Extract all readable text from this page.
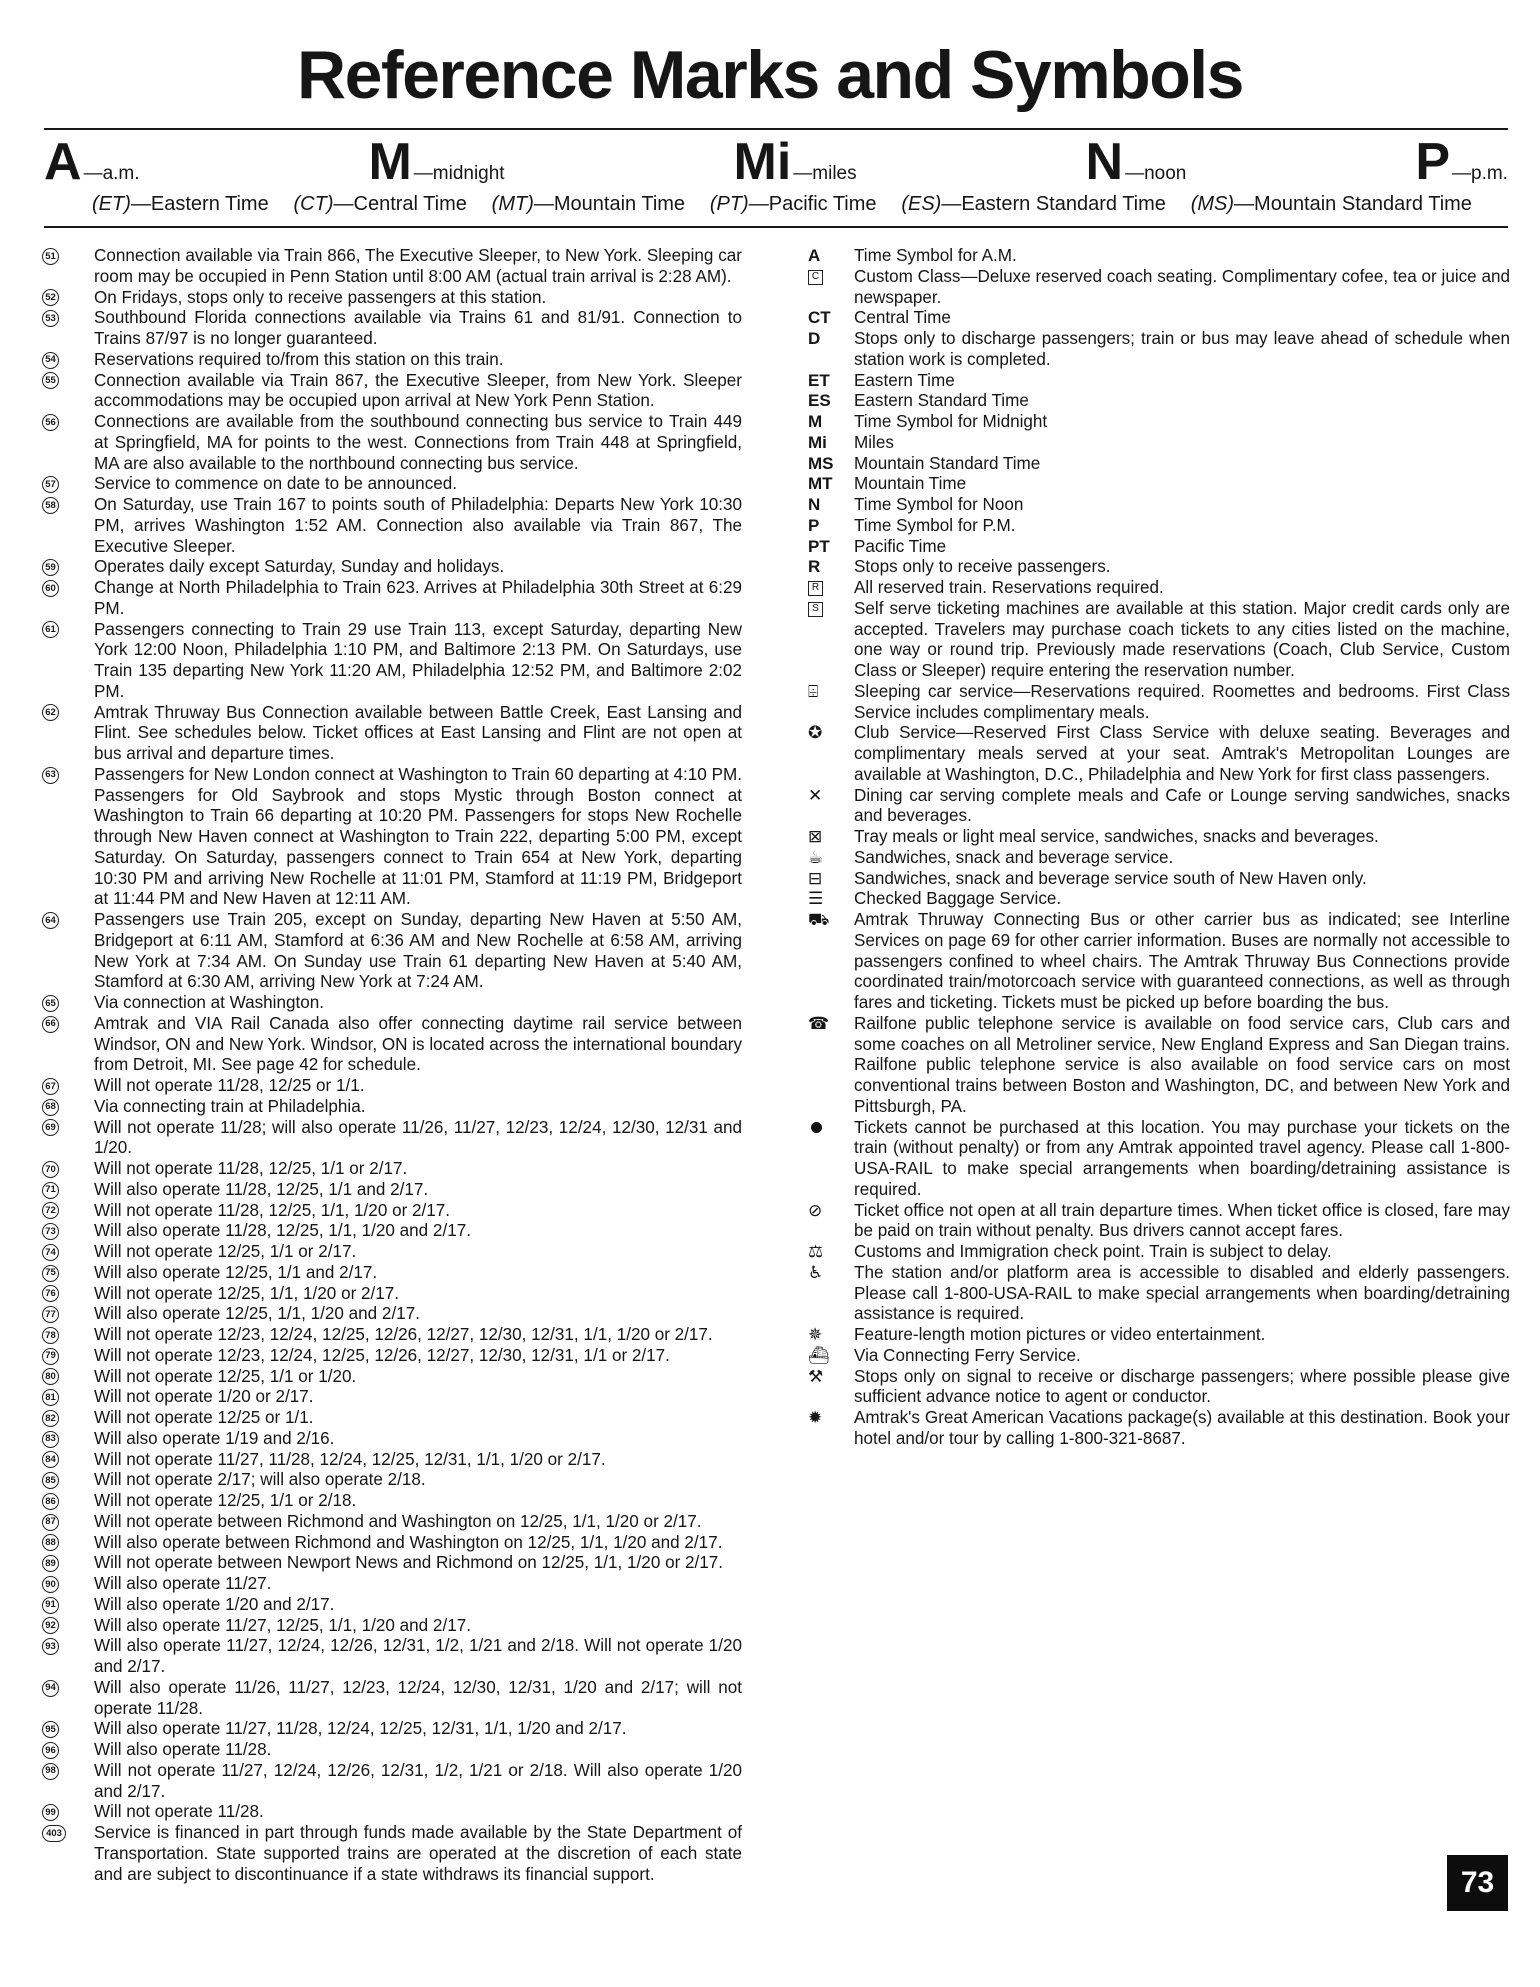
Reference Marks and Symbols
A —a.m.	M —midnight	Mi —miles	N —noon	P —p.m.
(ET)—Eastern Time (CT)—Central Time (MT)—Mountain Time (PT)—Pacific Time (ES)—Eastern Standard Time (MS)—Mountain Standard Time
51 Connection available via Train 866, The Executive Sleeper, to New York. Sleeping car room may be occupied in Penn Station until 8:00 AM (actual train arrival is 2:28 AM).
52 On Fridays, stops only to receive passengers at this station.
53 Southbound Florida connections available via Trains 61 and 81/91. Connection to Trains 87/97 is no longer guaranteed.
54 Reservations required to/from this station on this train.
55 Connection available via Train 867, the Executive Sleeper, from New York. Sleeper accommodations may be occupied upon arrival at New York Penn Station.
56 Connections are available from the southbound connecting bus service to Train 449 at Springfield, MA for points to the west. Connections from Train 448 at Springfield, MA are also available to the northbound connecting bus service.
57 Service to commence on date to be announced.
58 On Saturday, use Train 167 to points south of Philadelphia: Departs New York 10:30 PM, arrives Washington 1:52 AM. Connection also available via Train 867, The Executive Sleeper.
59 Operates daily except Saturday, Sunday and holidays.
60 Change at North Philadelphia to Train 623. Arrives at Philadelphia 30th Street at 6:29 PM.
61 Passengers connecting to Train 29 use Train 113, except Saturday, departing New York 12:00 Noon, Philadelphia 1:10 PM, and Baltimore 2:13 PM. On Saturdays, use Train 135 departing New York 11:20 AM, Philadelphia 12:52 PM, and Baltimore 2:02 PM.
62 Amtrak Thruway Bus Connection available between Battle Creek, East Lansing and Flint. See schedules below. Ticket offices at East Lansing and Flint are not open at bus arrival and departure times.
63 Passengers for New London connect at Washington to Train 60 departing at 4:10 PM. Passengers for Old Saybrook and stops Mystic through Boston connect at Washington to Train 66 departing at 10:20 PM. Passengers for stops New Rochelle through New Haven connect at Washington to Train 222, departing 5:00 PM, except Saturday. On Saturday, passengers connect to Train 654 at New York, departing 10:30 PM and arriving New Rochelle at 11:01 PM, Stamford at 11:19 PM, Bridgeport at 11:44 PM and New Haven at 12:11 AM.
64 Passengers use Train 205, except on Sunday, departing New Haven at 5:50 AM, Bridgeport at 6:11 AM, Stamford at 6:36 AM and New Rochelle at 6:58 AM, arriving New York at 7:34 AM. On Sunday use Train 61 departing New Haven at 5:40 AM, Stamford at 6:30 AM, arriving New York at 7:24 AM.
65 Via connection at Washington.
66 Amtrak and VIA Rail Canada also offer connecting daytime rail service between Windsor, ON and New York. Windsor, ON is located across the international boundary from Detroit, MI. See page 42 for schedule.
67 Will not operate 11/28, 12/25 or 1/1.
68 Via connecting train at Philadelphia.
69 Will not operate 11/28; will also operate 11/26, 11/27, 12/23, 12/24, 12/30, 12/31 and 1/20.
70 Will not operate 11/28, 12/25, 1/1 or 2/17.
71 Will also operate 11/28, 12/25, 1/1 and 2/17.
72 Will not operate 11/28, 12/25, 1/1, 1/20 or 2/17.
73 Will also operate 11/28, 12/25, 1/1, 1/20 and 2/17.
74 Will not operate 12/25, 1/1 or 2/17.
75 Will also operate 12/25, 1/1 and 2/17.
76 Will not operate 12/25, 1/1, 1/20 or 2/17.
77 Will also operate 12/25, 1/1, 1/20 and 2/17.
78 Will not operate 12/23, 12/24, 12/25, 12/26, 12/27, 12/30, 12/31, 1/1, 1/20 or 2/17.
79 Will not operate 12/23, 12/24, 12/25, 12/26, 12/27, 12/30, 12/31, 1/1 or 2/17.
80 Will not operate 12/25, 1/1 or 1/20.
81 Will not operate 1/20 or 2/17.
82 Will not operate 12/25 or 1/1.
83 Will also operate 1/19 and 2/16.
84 Will not operate 11/27, 11/28, 12/24, 12/25, 12/31, 1/1, 1/20 or 2/17.
85 Will not operate 2/17; will also operate 2/18.
86 Will not operate 12/25, 1/1 or 2/18.
87 Will not operate between Richmond and Washington on 12/25, 1/1, 1/20 or 2/17.
88 Will also operate between Richmond and Washington on 12/25, 1/1, 1/20 and 2/17.
89 Will not operate between Newport News and Richmond on 12/25, 1/1, 1/20 or 2/17.
90 Will also operate 11/27.
91 Will also operate 1/20 and 2/17.
92 Will also operate 11/27, 12/25, 1/1, 1/20 and 2/17.
93 Will also operate 11/27, 12/24, 12/26, 12/31, 1/2, 1/21 and 2/18. Will not operate 1/20 and 2/17.
94 Will also operate 11/26, 11/27, 12/23, 12/24, 12/30, 12/31, 1/20 and 2/17; will not operate 11/28.
95 Will also operate 11/27, 11/28, 12/24, 12/25, 12/31, 1/1, 1/20 and 2/17.
96 Will also operate 11/28.
98 Will not operate 11/27, 12/24, 12/26, 12/31, 1/2, 1/21 or 2/18. Will also operate 1/20 and 2/17.
99 Will not operate 11/28.
403 Service is financed in part through funds made available by the State Department of Transportation. State supported trains are operated at the discretion of each state and are subject to discontinuance if a state withdraws its financial support.
A	Time Symbol for A.M.
C Custom Class—Deluxe reserved coach seating. Complimentary cofee, tea or juice and newspaper.
CT	Central Time
D	Stops only to discharge passengers; train or bus may leave ahead of schedule when station work is completed.
ET	Eastern Time
ES	Eastern Standard Time
M	Time Symbol for Midnight
Mi	Miles
MS	Mountain Standard Time
MT	Mountain Time
N	Time Symbol for Noon
P	Time Symbol for P.M.
PT	Pacific Time
R	Stops only to receive passengers.
R All reserved train. Reservations required.
S Self serve ticketing machines are available at this station. Major credit cards only are accepted. Travelers may purchase coach tickets to any cities listed on the machine, one way or round trip. Previously made reservations (Coach, Club Service, Custom Class or Sleeper) require entering the reservation number.
⌹ Sleeping car service—Reservations required. Roomettes and bedrooms. First Class Service includes complimentary meals.
✪ Club Service—Reserved First Class Service with deluxe seating. Beverages and complimentary meals served at your seat. Amtrak's Metropolitan Lounges are available at Washington, D.C., Philadelphia and New York for first class passengers.
✕ Dining car serving complete meals and Cafe or Lounge serving sandwiches, snacks and beverages.
⊠ Tray meals or light meal service, sandwiches, snacks and beverages.
☕ Sandwiches, snack and beverage service.
⊟ Sandwiches, snack and beverage service south of New Haven only.
☰ Checked Baggage Service.
⛟ Amtrak Thruway Connecting Bus or other carrier bus as indicated; see Interline Services on page 69 for other carrier information. Buses are normally not accessible to passengers confined to wheel chairs. The Amtrak Thruway Bus Connections provide coordinated train/motorcoach service with guaranteed connections, as well as through fares and ticketing. Tickets must be picked up before boarding the bus.
☎ Railfone public telephone service is available on food service cars, Club cars and some coaches on all Metroliner service, New England Express and San Diegan trains. Railfone public telephone service is also available on food service cars on most conventional trains between Boston and Washington, DC, and between New York and Pittsburgh, PA.
Tickets cannot be purchased at this location. You may purchase your tickets on the train (without penalty) or from any Amtrak appointed travel agency. Please call 1-800-USA-RAIL to make special arrangements when boarding/detraining assistance is required.
⊘ Ticket office not open at all train departure times. When ticket office is closed, fare may be paid on train without penalty. Bus drivers cannot accept fares.
⚖ Customs and Immigration check point. Train is subject to delay.
♿ The station and/or platform area is accessible to disabled and elderly passengers. Please call 1-800-USA-RAIL to make special arrangements when boarding/detraining assistance is required.
✵ Feature-length motion pictures or video entertainment.
⛴ Via Connecting Ferry Service.
⚒ Stops only on signal to receive or discharge passengers; where possible please give sufficient advance notice to agent or conductor.
✹ Amtrak's Great American Vacations package(s) available at this destination. Book your hotel and/or tour by calling 1-800-321-8687.
73
